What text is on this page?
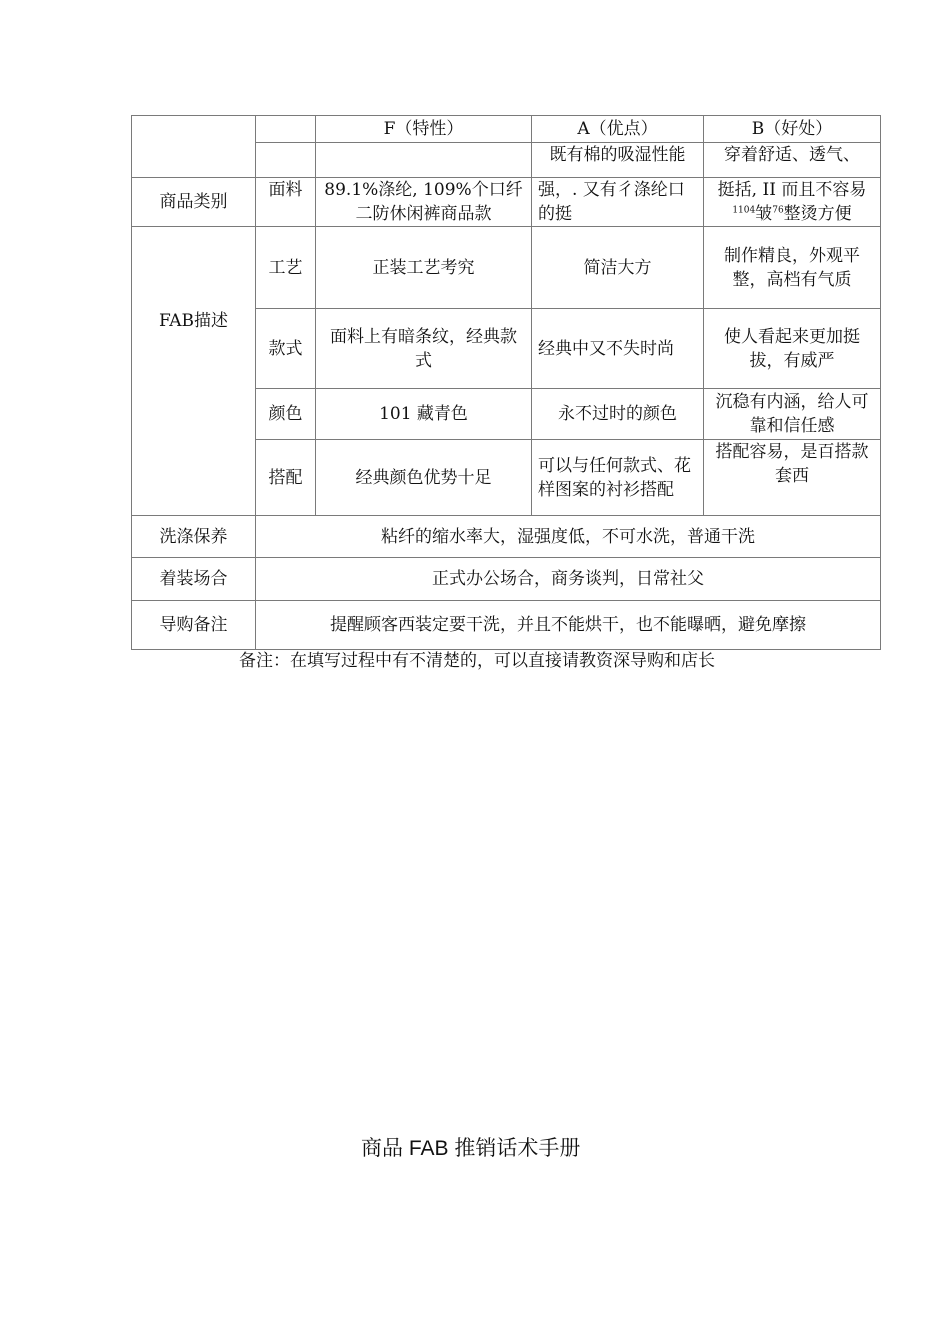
		F（特性）	A（优点）	B（好处）

			既有棉的吸湿性能	穿着舒适、透气、

商品类别	面料	89.1%涤纶, 109%个口纤二防休闲裤商品款	强，. 又有彳涤纶口的挺	挺括, II 而且不容易$^{1104}$皱$^{76}$整烫方便
FAB描述	工艺	正装工艺考究	简洁大方	制作精良，外观平整，高档有气质
	款式	面料上有暗条纹，经典款式	经典中又不失时尚	使人看起来更加挺拔，有威严
	颜色	101 藏青色	永不过时的颜色	沉稳有内涵，给人可靠和信任感
	搭配	经典颜色优势十足	可以与任何款式、花样图案的衬衫搭配	搭配容易，是百搭款套西
洗涤保养	粘纤的缩水率大，湿强度低，不可水洗，普通干洗			
着装场合	正式办公场合，商务谈判，日常社父			
导购备注	提醒顾客西装定要干洗，并且不能烘干，也不能曝晒，避免摩擦			
备注：在填写过程中有不清楚的，可以直接请教资深导购和店长
商品 FAB 推销话术手册
